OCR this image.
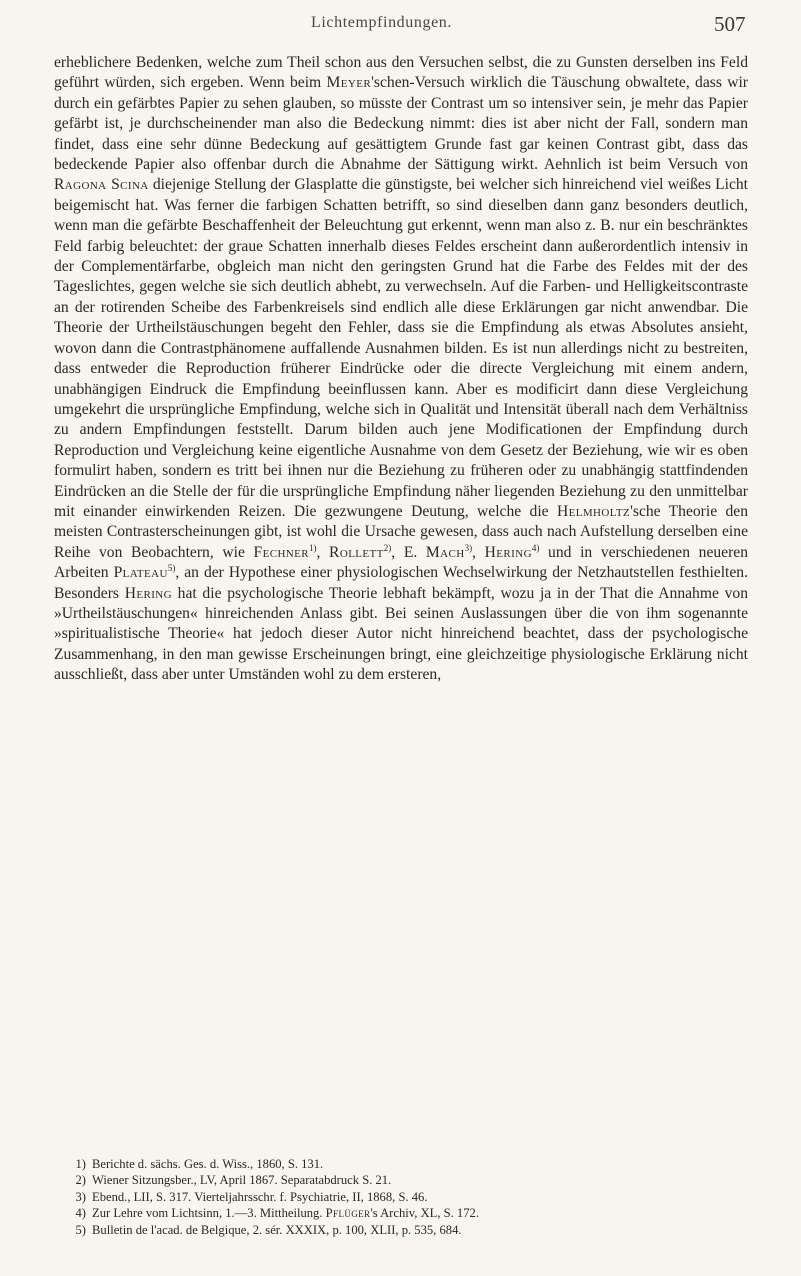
Lichtempfindungen.	507

erheblichere Bedenken, welche zum Theil schon aus den Versuchen selbst, die zu Gunsten derselben ins Feld geführt würden, sich ergeben. Wenn beim Meyer'schen-Versuch wirklich die Täuschung obwaltete, dass wir durch ein gefärbtes Papier zu sehen glauben, so müsste der Contrast um so intensiver sein, je mehr das Papier gefärbt ist, je durchscheinender man also die Bedeckung nimmt: dies ist aber nicht der Fall, sondern man findet, dass eine sehr dünne Bedeckung auf gesättigtem Grunde fast gar keinen Contrast gibt, dass das bedeckende Papier also offenbar durch die Abnahme der Sättigung wirkt. Aehnlich ist beim Versuch von Ragona Scina diejenige Stellung der Glasplatte die günstigste, bei welcher sich hinreichend viel weißes Licht beigemischt hat. Was ferner die farbigen Schatten betrifft, so sind dieselben dann ganz besonders deutlich, wenn man die gefärbte Beschaffenheit der Beleuchtung gut erkennt, wenn man also z. B. nur ein beschränktes Feld farbig beleuchtet: der graue Schatten innerhalb dieses Feldes erscheint dann außerordentlich intensiv in der Complementärfarbe, obgleich man nicht den geringsten Grund hat die Farbe des Feldes mit der des Tageslichtes, gegen welche sie sich deutlich abhebt, zu verwechseln. Auf die Farben- und Helligkeitscontraste an der rotirenden Scheibe des Farbenkreisels sind endlich alle diese Erklärungen gar nicht anwendbar. Die Theorie der Urtheilstäuschungen begeht den Fehler, dass sie die Empfindung als etwas Absolutes ansieht, wovon dann die Contrastphänomene auffallende Ausnahmen bilden. Es ist nun allerdings nicht zu bestreiten, dass entweder die Reproduction früherer Eindrücke oder die directe Vergleichung mit einem andern, unabhängigen Eindruck die Empfindung beeinflussen kann. Aber es modificirt dann diese Vergleichung umgekehrt die ursprüngliche Empfindung, welche sich in Qualität und Intensität überall nach dem Verhältniss zu andern Empfindungen feststellt. Darum bilden auch jene Modificationen der Empfindung durch Reproduction und Vergleichung keine eigentliche Ausnahme von dem Gesetz der Beziehung, wie wir es oben formulirt haben, sondern es tritt bei ihnen nur die Beziehung zu früheren oder zu unabhängig stattfindenden Eindrücken an die Stelle der für die ursprüngliche Empfindung näher liegenden Beziehung zu den unmittelbar mit einander einwirkenden Reizen. Die gezwungene Deutung, welche die Helmholtz'sche Theorie den meisten Contrasterscheinungen gibt, ist wohl die Ursache gewesen, dass auch nach Aufstellung derselben eine Reihe von Beobachtern, wie Fechner$^{1)}$, Rollett$^{2)}$, E. Mach$^{3)}$, Hering$^{4)}$ und in verschiedenen neueren Arbeiten Plateau$^{5)}$, an der Hypothese einer physiologischen Wechselwirkung der Netzhautstellen festhielten. Besonders Hering hat die psychologische Theorie lebhaft bekämpft, wozu ja in der That die Annahme von »Urtheilstäuschungen« hinreichenden Anlass gibt. Bei seinen Auslassungen über die von ihm sogenannte »spiritualistische Theorie« hat jedoch dieser Autor nicht hinreichend beachtet, dass der psychologische Zusammenhang, in den man gewisse Erscheinungen bringt, eine gleichzeitige physiologische Erklärung nicht ausschließt, dass aber unter Umständen wohl zu dem ersteren,

1) Berichte d. sächs. Ges. d. Wiss., 1860, S. 131.
2) Wiener Sitzungsber., LV, April 1867. Separatabdruck S. 21.
3) Ebend., LII, S. 317. Vierteljahrsschr. f. Psychiatrie, II, 1868, S. 46.
4) Zur Lehre vom Lichtsinn, 1.—3. Mittheilung. Pflüger's Archiv, XL, S. 172.
5) Bulletin de l'acad. de Belgique, 2. sér. XXXIX, p. 100, XLII, p. 535, 684.
